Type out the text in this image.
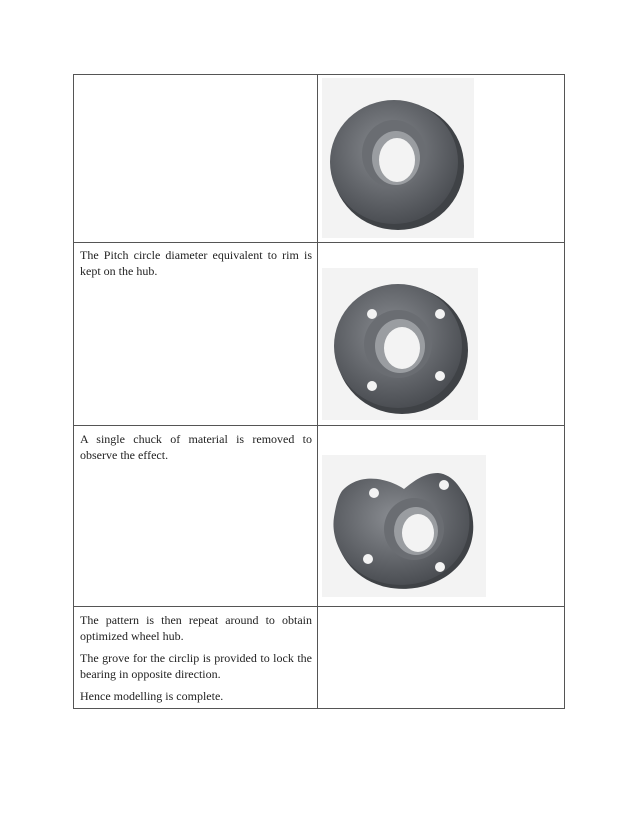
The Pitch circle diameter equivalent to rim is kept on the hub.

A single chuck of material is removed to observe the effect.

The pattern is then repeat around to obtain optimized wheel hub.

The grove for the circlip is provided to lock the bearing in opposite direction.

Hence modelling is complete.
